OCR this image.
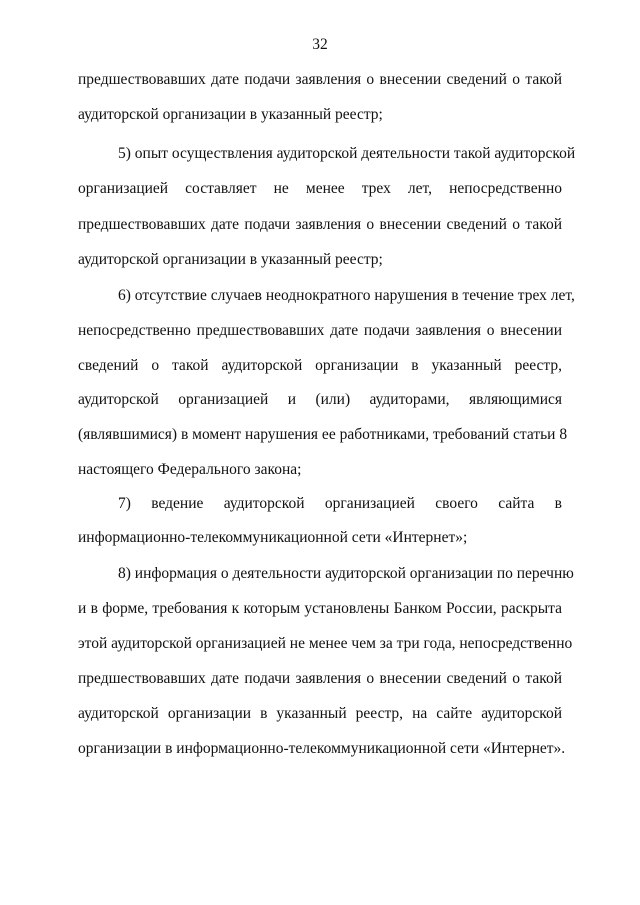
32
предшествовавших дате подачи заявления о внесении сведений о такой
аудиторской организации в указанный реестр;
5) опыт осуществления аудиторской деятельности такой аудиторской
организацией составляет не менее трех лет, непосредственно
предшествовавших дате подачи заявления о внесении сведений о такой
аудиторской организации в указанный реестр;
6) отсутствие случаев неоднократного нарушения в течение трех лет,
непосредственно предшествовавших дате подачи заявления о внесении
сведений о такой аудиторской организации в указанный реестр,
аудиторской организацией и (или) аудиторами, являющимися
(являвшимися) в момент нарушения ее работниками, требований статьи 8
настоящего Федерального закона;
7) ведение аудиторской организацией своего сайта в
информационно-телекоммуникационной сети «Интернет»;
8) информация о деятельности аудиторской организации по перечню
и в форме, требования к которым установлены Банком России, раскрыта
этой аудиторской организацией не менее чем за три года, непосредственно
предшествовавших дате подачи заявления о внесении сведений о такой
аудиторской организации в указанный реестр, на сайте аудиторской
организации в информационно-телекоммуникационной сети «Интернет».
